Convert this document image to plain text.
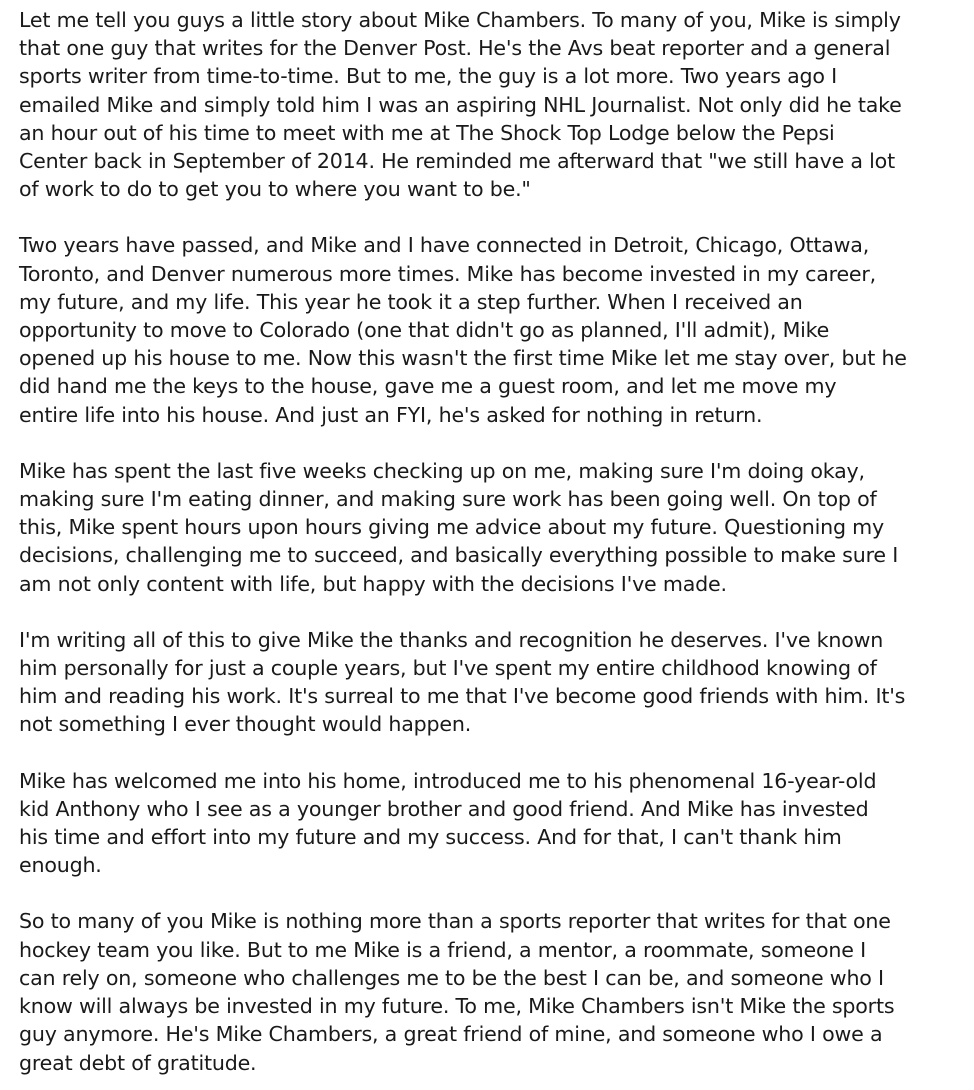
Let me tell you guys a little story about Mike Chambers. To many of you, Mike is simply
that one guy that writes for the Denver Post. He's the Avs beat reporter and a general
sports writer from time-to-time. But to me, the guy is a lot more. Two years ago I
emailed Mike and simply told him I was an aspiring NHL Journalist. Not only did he take
an hour out of his time to meet with me at The Shock Top Lodge below the Pepsi
Center back in September of 2014. He reminded me afterward that "we still have a lot
of work to do to get you to where you want to be."

Two years have passed, and Mike and I have connected in Detroit, Chicago, Ottawa,
Toronto, and Denver numerous more times. Mike has become invested in my career,
my future, and my life. This year he took it a step further. When I received an
opportunity to move to Colorado (one that didn't go as planned, I'll admit), Mike
opened up his house to me. Now this wasn't the first time Mike let me stay over, but he
did hand me the keys to the house, gave me a guest room, and let me move my
entire life into his house. And just an FYI, he's asked for nothing in return.

Mike has spent the last five weeks checking up on me, making sure I'm doing okay,
making sure I'm eating dinner, and making sure work has been going well. On top of
this, Mike spent hours upon hours giving me advice about my future. Questioning my
decisions, challenging me to succeed, and basically everything possible to make sure I
am not only content with life, but happy with the decisions I've made.

I'm writing all of this to give Mike the thanks and recognition he deserves. I've known
him personally for just a couple years, but I've spent my entire childhood knowing of
him and reading his work. It's surreal to me that I've become good friends with him. It's
not something I ever thought would happen.

Mike has welcomed me into his home, introduced me to his phenomenal 16-year-old
kid Anthony who I see as a younger brother and good friend. And Mike has invested
his time and effort into my future and my success. And for that, I can't thank him
enough.

So to many of you Mike is nothing more than a sports reporter that writes for that one
hockey team you like. But to me Mike is a friend, a mentor, a roommate, someone I
can rely on, someone who challenges me to be the best I can be, and someone who I
know will always be invested in my future. To me, Mike Chambers isn't Mike the sports
guy anymore. He's Mike Chambers, a great friend of mine, and someone who I owe a
great debt of gratitude.
